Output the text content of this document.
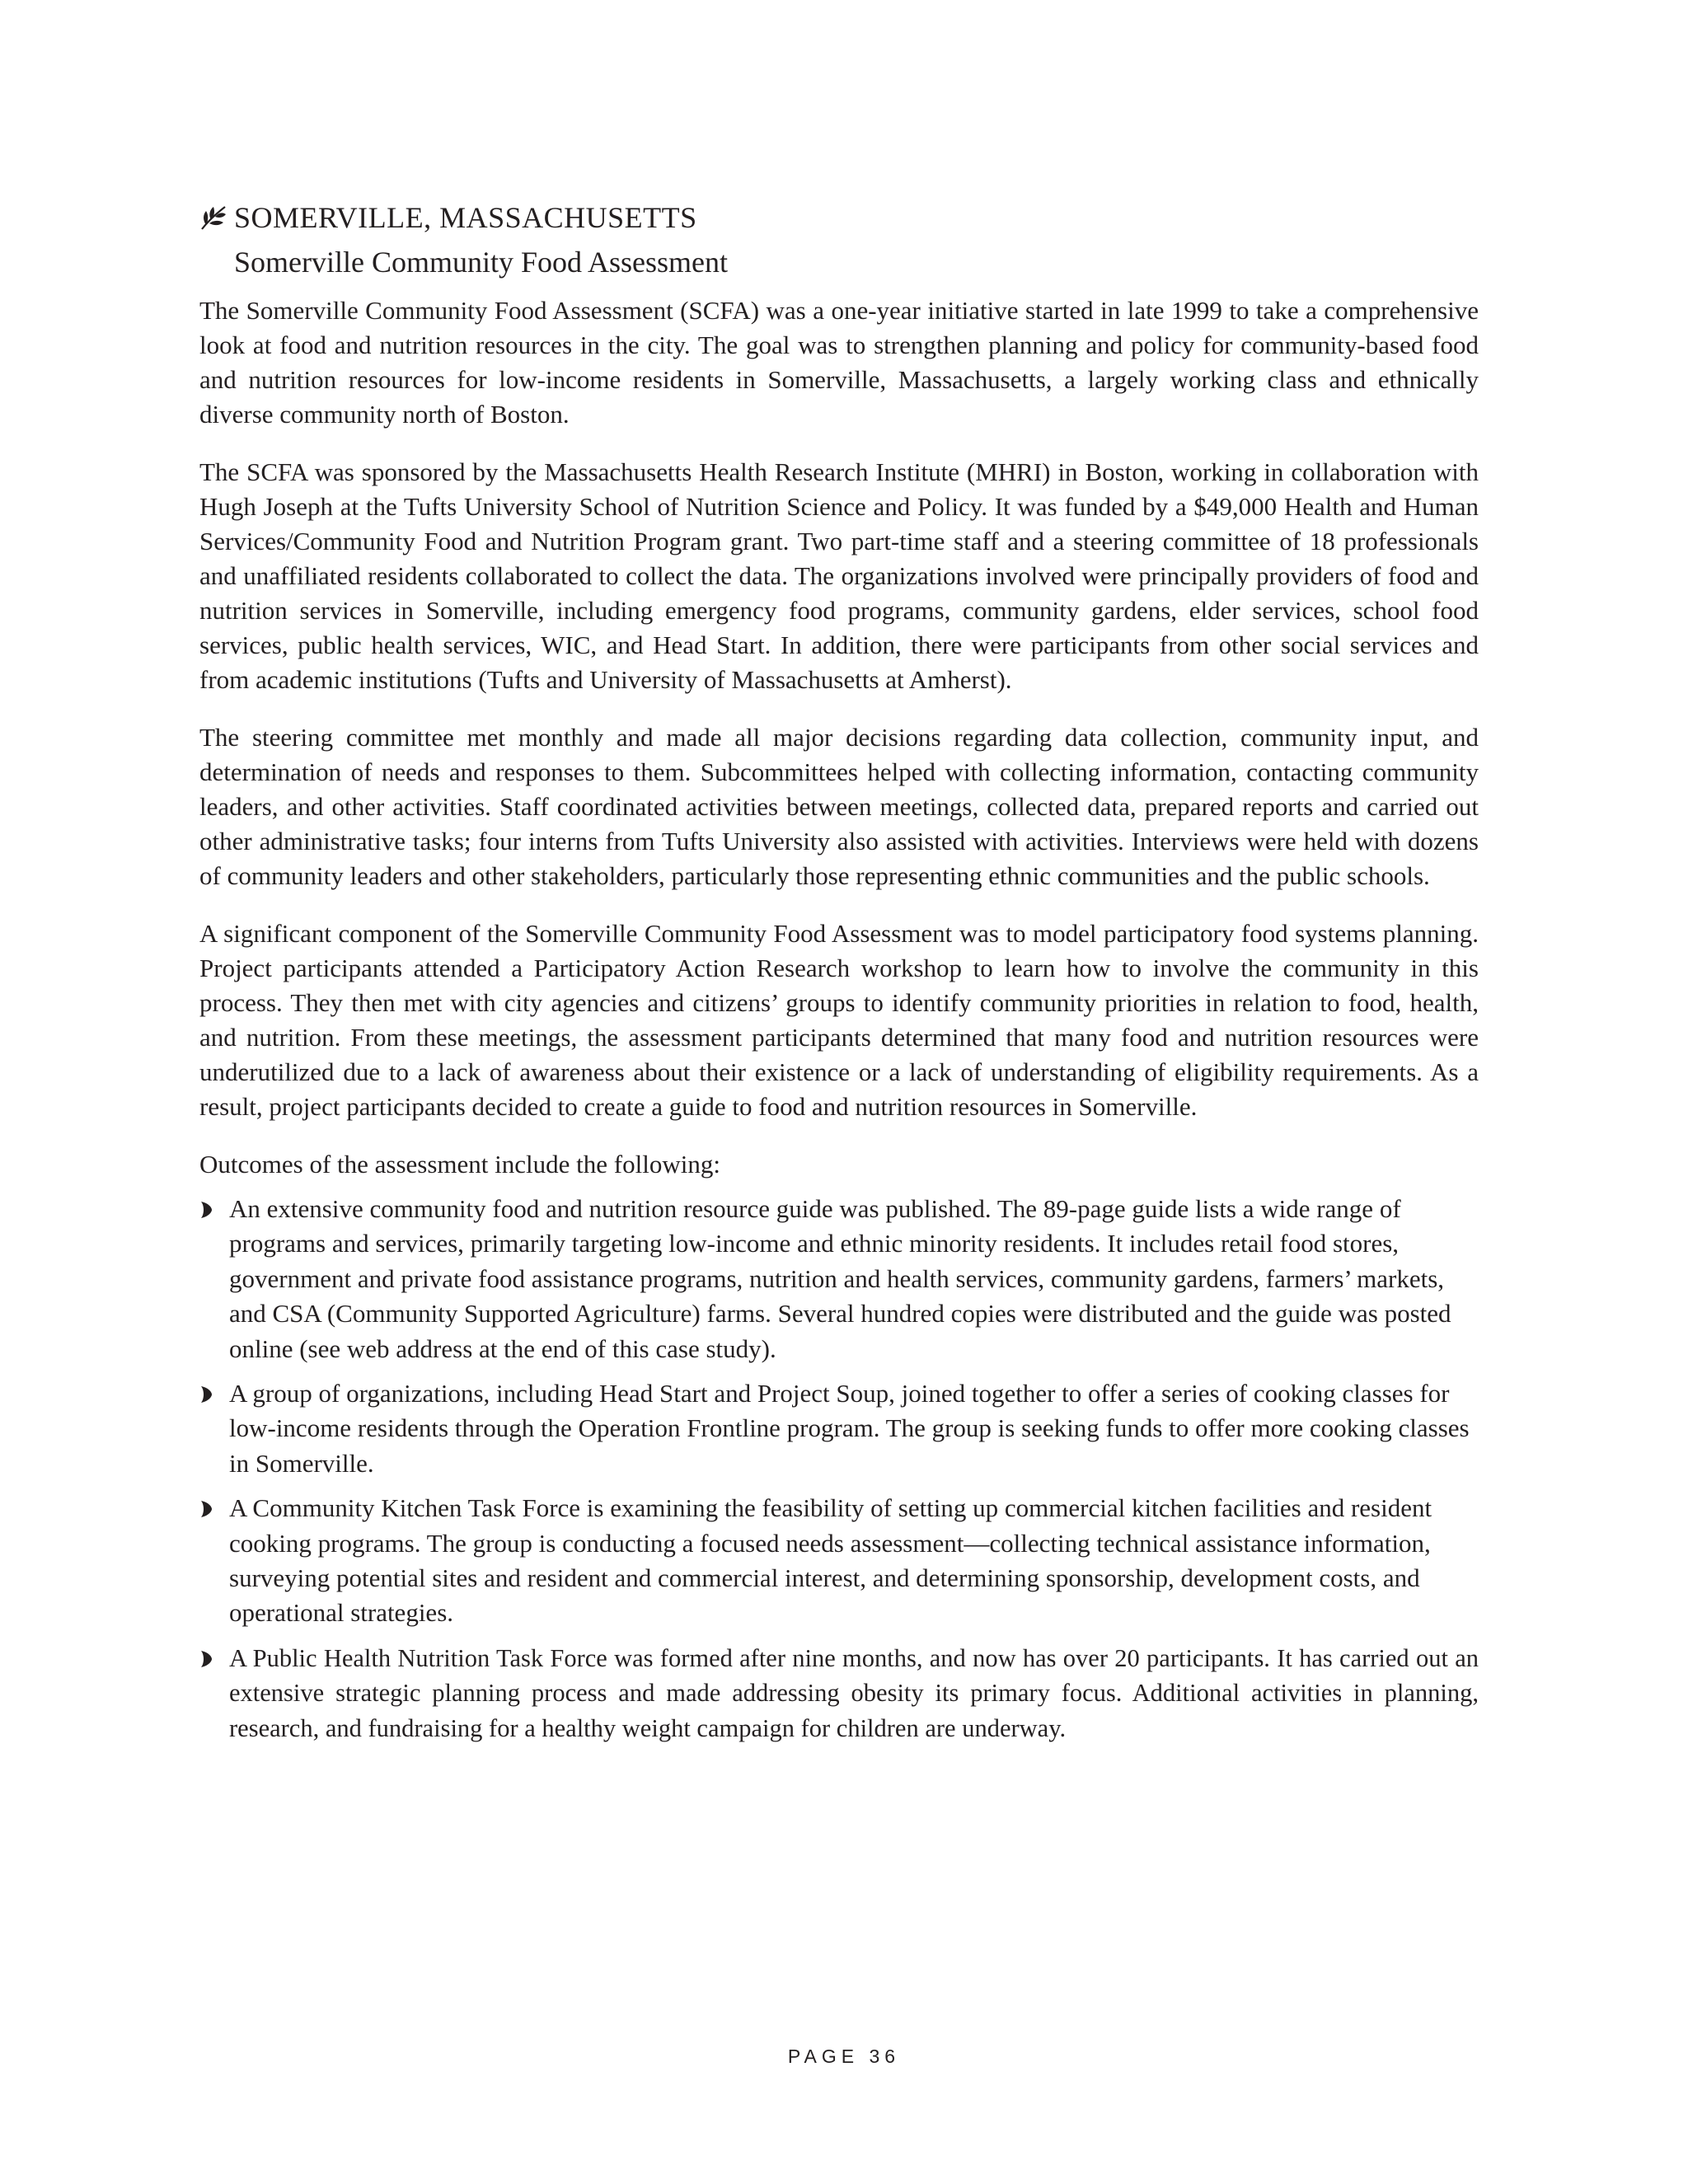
SOMERVILLE, MASSACHUSETTS
Somerville Community Food Assessment

The Somerville Community Food Assessment (SCFA) was a one-year initiative started in late 1999 to take a comprehensive look at food and nutrition resources in the city. The goal was to strengthen planning and policy for community-based food and nutrition resources for low-income residents in Somerville, Massachusetts, a largely working class and ethnically diverse community north of Boston.

The SCFA was sponsored by the Massachusetts Health Research Institute (MHRI) in Boston, working in collaboration with Hugh Joseph at the Tufts University School of Nutrition Science and Policy. It was funded by a $49,000 Health and Human Services/Community Food and Nutrition Program grant. Two part-time staff and a steering committee of 18 professionals and unaffiliated residents collaborated to collect the data. The organizations involved were principally providers of food and nutrition services in Somerville, including emergency food programs, community gardens, elder services, school food services, public health services, WIC, and Head Start. In addition, there were participants from other social services and from academic institutions (Tufts and University of Massachusetts at Amherst).

The steering committee met monthly and made all major decisions regarding data collection, community input, and determination of needs and responses to them. Subcommittees helped with collecting information, contacting community leaders, and other activities. Staff coordinated activities between meetings, collected data, prepared reports and carried out other administrative tasks; four interns from Tufts University also assisted with activities. Interviews were held with dozens of community leaders and other stakeholders, particularly those representing ethnic communities and the public schools.

A significant component of the Somerville Community Food Assessment was to model participatory food systems planning. Project participants attended a Participatory Action Research workshop to learn how to involve the community in this process. They then met with city agencies and citizens’ groups to identify community priorities in relation to food, health, and nutrition. From these meetings, the assessment participants determined that many food and nutrition resources were underutilized due to a lack of awareness about their existence or a lack of understanding of eligibility requirements. As a result, project participants decided to create a guide to food and nutrition resources in Somerville.

Outcomes of the assessment include the following:

An extensive community food and nutrition resource guide was published. The 89-page guide lists a wide range of programs and services, primarily targeting low-income and ethnic minority residents. It includes retail food stores, government and private food assistance programs, nutrition and health services, community gardens, farmers’ markets, and CSA (Community Supported Agriculture) farms. Several hundred copies were distributed and the guide was posted online (see web address at the end of this case study).
A group of organizations, including Head Start and Project Soup, joined together to offer a series of cooking classes for low-income residents through the Operation Frontline program. The group is seeking funds to offer more cooking classes in Somerville.
A Community Kitchen Task Force is examining the feasibility of setting up commercial kitchen facilities and resident cooking programs. The group is conducting a focused needs assessment—collecting technical assistance information, surveying potential sites and resident and commercial interest, and determining sponsorship, development costs, and operational strategies.
A Public Health Nutrition Task Force was formed after nine months, and now has over 20 participants. It has carried out an extensive strategic planning process and made addressing obesity its primary focus. Additional activities in planning, research, and fundraising for a healthy weight campaign for children are underway.
PAGE 36
